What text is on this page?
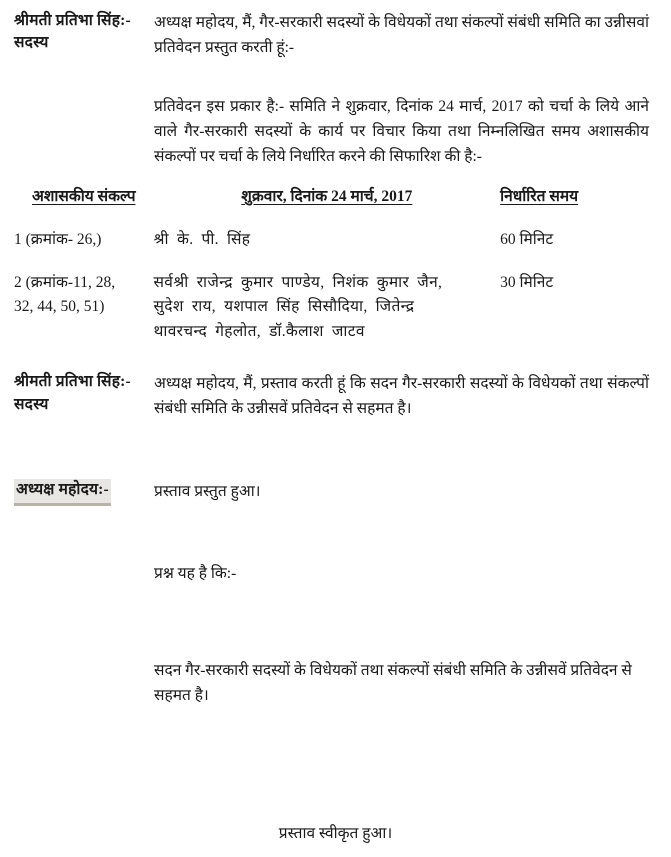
श्रीमती प्रतिभा सिंह:-
सदस्य

अध्यक्ष महोदय, मैं, गैर-सरकारी सदस्यों के विधेयकों तथा संकल्पों संबंधी समिति का उन्नीसवां प्रतिवेदन प्रस्तुत करती हूं:-

प्रतिवेदन इस प्रकार है:- समिति ने शुक्रवार, दिनांक 24 मार्च, 2017 को चर्चा के लिये आने वाले गैर-सरकारी सदस्यों के कार्य पर विचार किया तथा निम्नलिखित समय अशासकीय संकल्पों पर चर्चा के लिये निर्धारित करने की सिफारिश की है:-

अशासकीय संकल्प	शुक्रवार, दिनांक 24 मार्च, 2017	निर्धारित समय

1 (क्रमांक- 26,)	श्री के. पी. सिंह	60 मिनिट

2 (क्रमांक-11, 28,
32, 44, 50, 51)	सर्वश्री राजेन्द्र कुमार पाण्डेय, निशंक कुमार जैन,
सुदेश राय, यशपाल सिंह सिसौदिया, जितेन्द्र
थावरचन्द गेहलोत, डॉ.कैलाश जाटव	30 मिनिट
श्रीमती प्रतिभा सिंह:-
सदस्य

अध्यक्ष महोदय, मैं, प्रस्ताव करती हूं कि सदन गैर-सरकारी सदस्यों के विधेयकों तथा संकल्पों संबंधी समिति के उन्नीसवें प्रतिवेदन से सहमत है।

अध्यक्ष महोदय:-	प्रस्ताव प्रस्तुत हुआ।

प्रश्न यह है कि:-

सदन गैर-सरकारी सदस्यों के विधेयकों तथा संकल्पों संबंधी समिति के उन्नीसवें प्रतिवेदन से सहमत है।

प्रस्ताव स्वीकृत हुआ।
